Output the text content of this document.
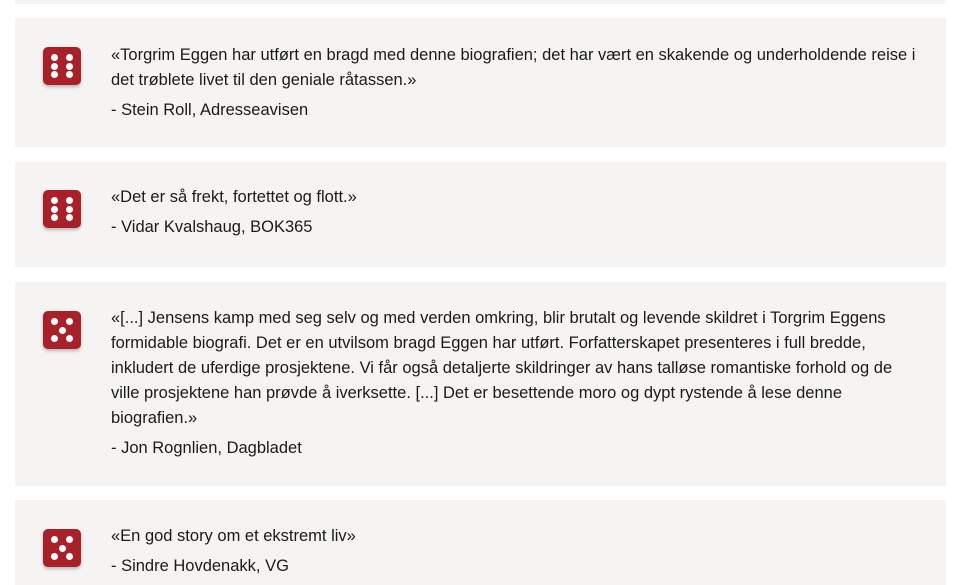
«Torgrim Eggen har utført en bragd med denne biografien; det har vært en skakende og underholdende reise i det trøblete livet til den geniale råtassen.»

- Stein Roll, Adresseavisen

«Det er så frekt, fortettet og flott.»

- Vidar Kvalshaug, BOK365

«[...] Jensens kamp med seg selv og med verden omkring, blir brutalt og levende skildret i Torgrim Eggens formidable biografi. Det er en utvilsom bragd Eggen har utført. Forfatterskapet presenteres i full bredde, inkludert de uferdige prosjektene. Vi får også detaljerte skildringer av hans talløse romantiske forhold og de ville prosjektene han prøvde å iverksette. [...] Det er besettende moro og dypt rystende å lese denne biografien.»

- Jon Rognlien, Dagbladet

«En god story om et ekstremt liv»

- Sindre Hovdenakk, VG
